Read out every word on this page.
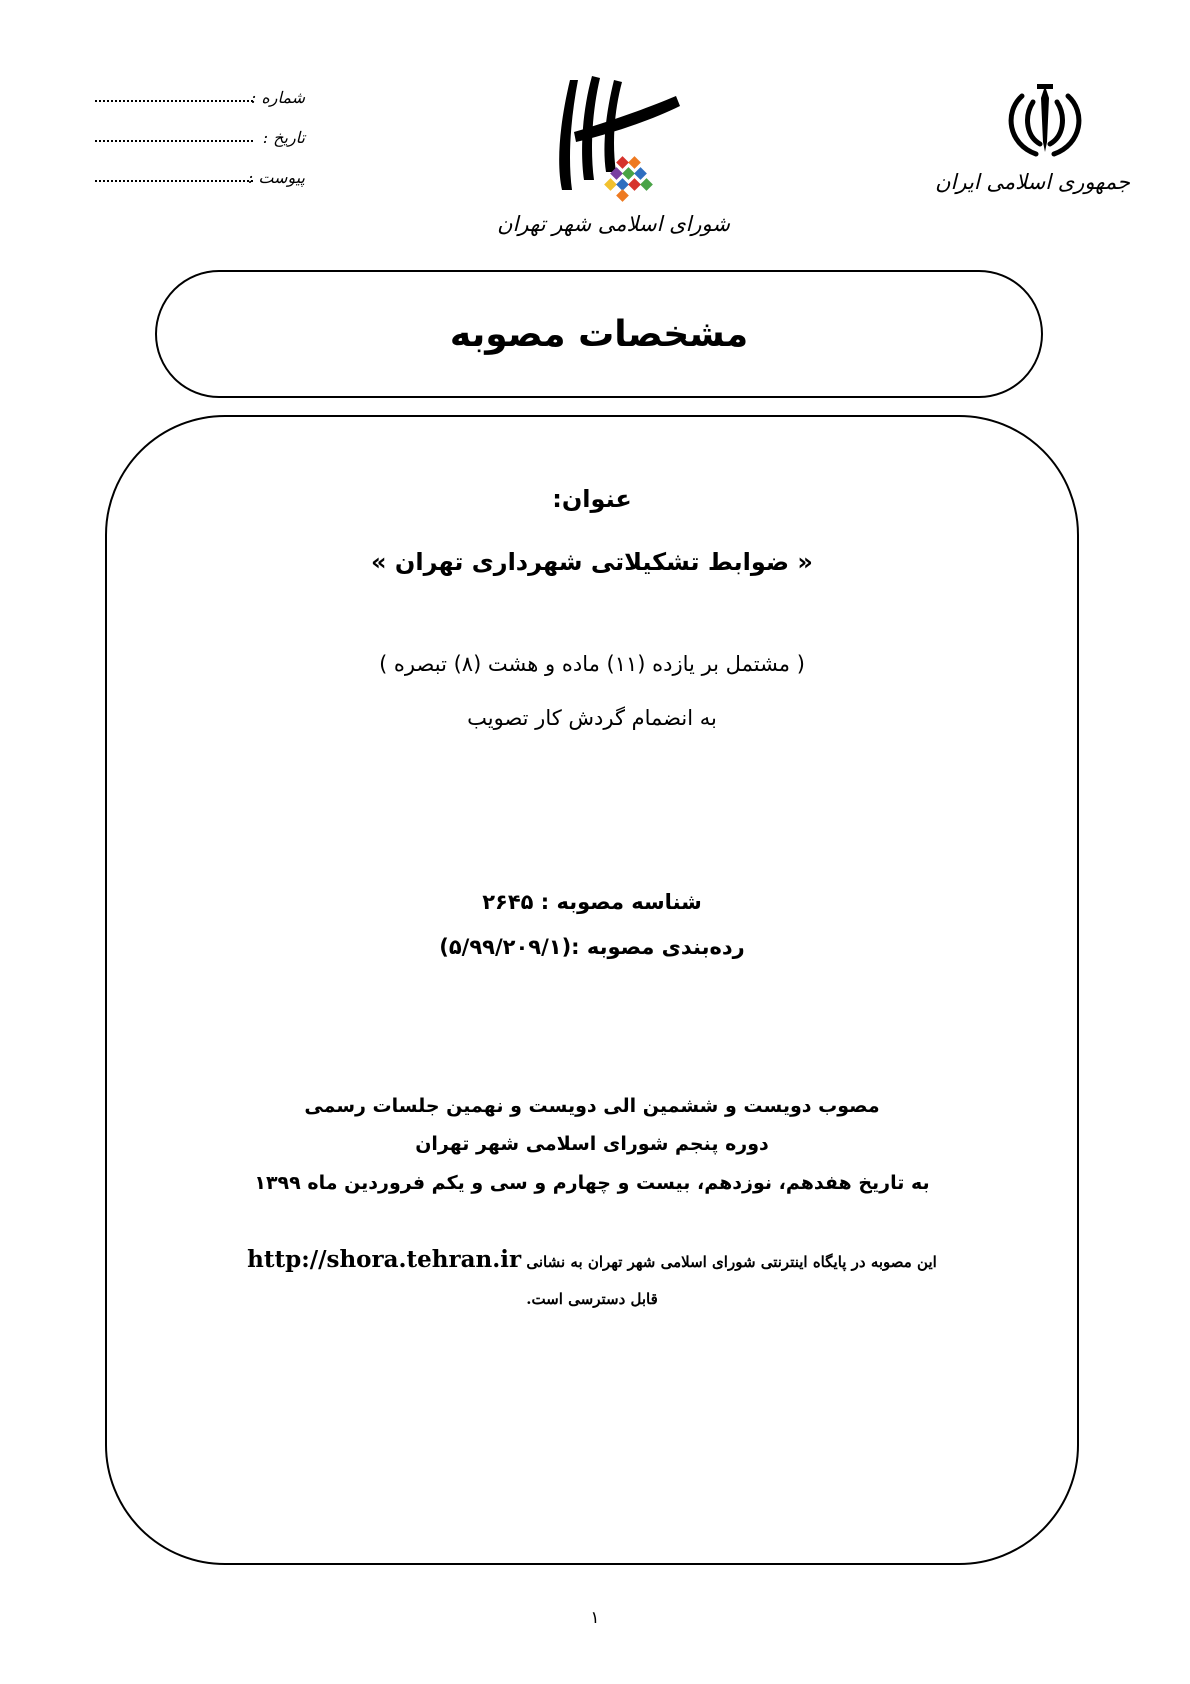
شماره :
تاریخ :
پیوست :
شورای اسلامی شهر تهران
جمهوری اسلامی ایران
مشخصات مصوبه
عنوان:
« ضوابط تشکیلاتی شهرداری تهران »
( مشتمل بر یازده (۱۱) ماده و هشت (۸) تبصره )
به انضمام گردش کار تصویب
شناسه مصوبه : ۲۶۴۵
رده‌بندی مصوبه :(۵/۹۹/۲۰۹/۱)
مصوب دویست و ششمین الی دویست و نهمین جلسات رسمی
دوره پنجم شورای اسلامی شهر تهران
به تاریخ هفدهم، نوزدهم، بیست و چهارم و سی و یکم فروردین ماه ۱۳۹۹
این مصوبه در پایگاه اینترنتی شورای اسلامی شهر تهران به نشانی http://shora.tehran.ir
قابل دسترسی است.
۱
